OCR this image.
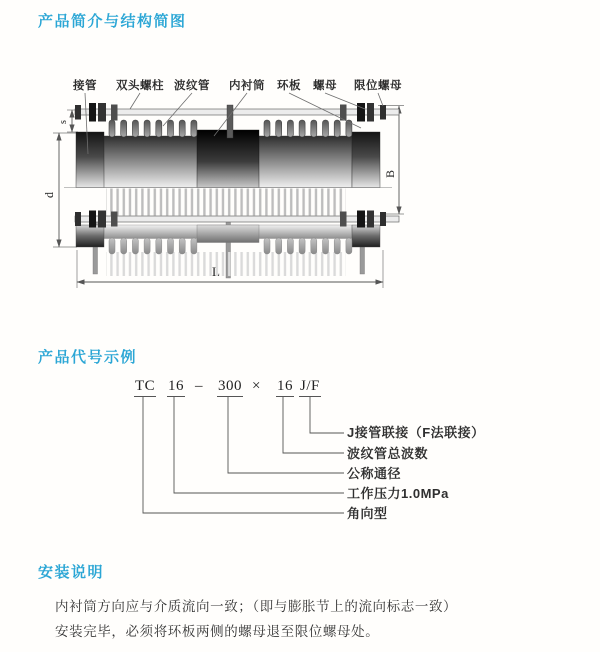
产品简介与结构简图
d
s
B
接管 双头螺柱 波纹管 内衬筒 环板 螺母 限位螺母
产品代号示例
TC 16 – 300 × 16 J/F
J接管联接（F法联接）
波纹管总波数
公称通径
工作压力1.0MPa
角向型
安装说明
内衬筒方向应与介质流向一致；（即与膨胀节上的流向标志一致）
安装完毕，必须将环板两侧的螺母退至限位螺母处。
